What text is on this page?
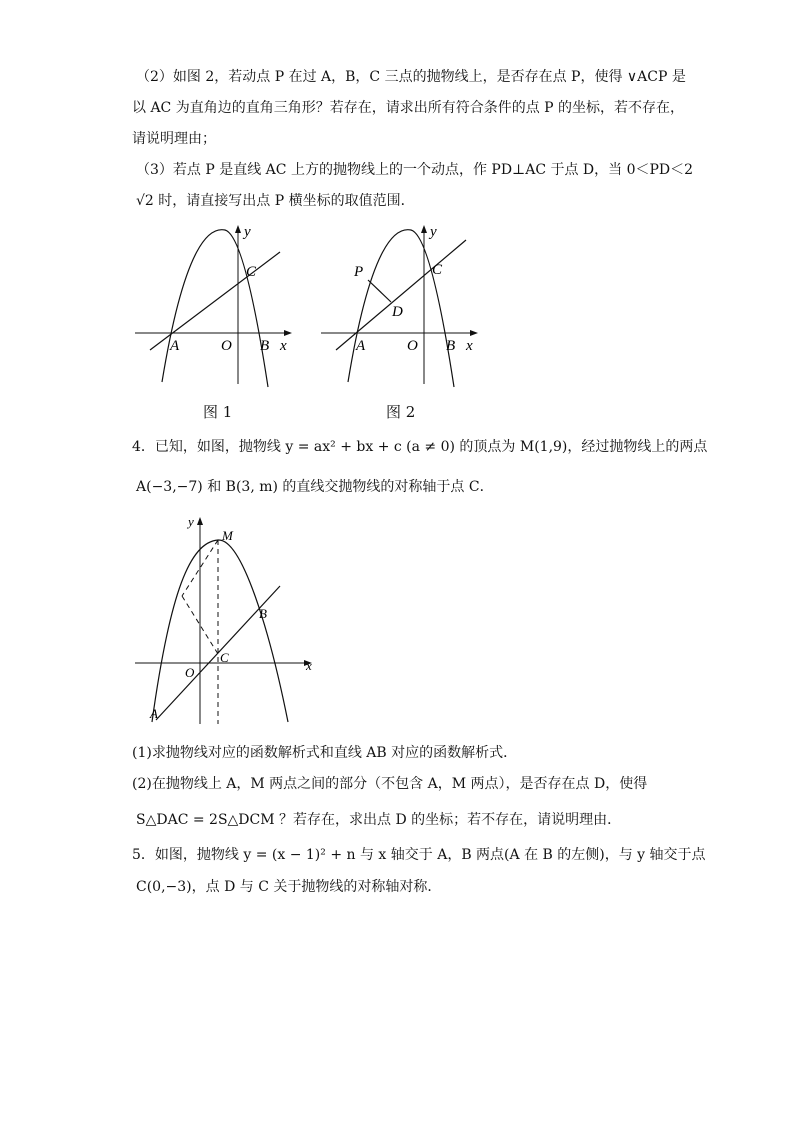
（2）如图 2，若动点 P 在过 A，B，C 三点的抛物线上，是否存在点 P，使得 ∨ACP 是
以 AC 为直角边的直角三角形？若存在，请求出所有符合条件的点 P 的坐标，若不存在，
请说明理由；
（3）若点 P 是直线 AC 上方的抛物线上的一个动点，作 PD⊥AC 于点 D，当 0＜PD＜2
√2 时，请直接写出点 P 横坐标的取值范围．
y
C
A	O B x
图 1
y
C
P
D
A	O B x
图 2
4．已知，如图，抛物线 y = ax² + bx + c (a ≠ 0) 的顶点为 M(1,9)，经过抛物线上的两点
A(−3,−7) 和 B(3, m) 的直线交抛物线的对称轴于点 C．
y
M
B
C
O	x
A
(1)求抛物线对应的函数解析式和直线 AB 对应的函数解析式．
(2)在抛物线上 A，M 两点之间的部分（不包含 A，M 两点），是否存在点 D，使得
S△DAC = 2S△DCM ？若存在，求出点 D 的坐标；若不存在，请说明理由．
5．如图，抛物线 y = (x − 1)² + n 与 x 轴交于 A，B 两点(A 在 B 的左侧)，与 y 轴交于点
C(0,−3)，点 D 与 C 关于抛物线的对称轴对称．
